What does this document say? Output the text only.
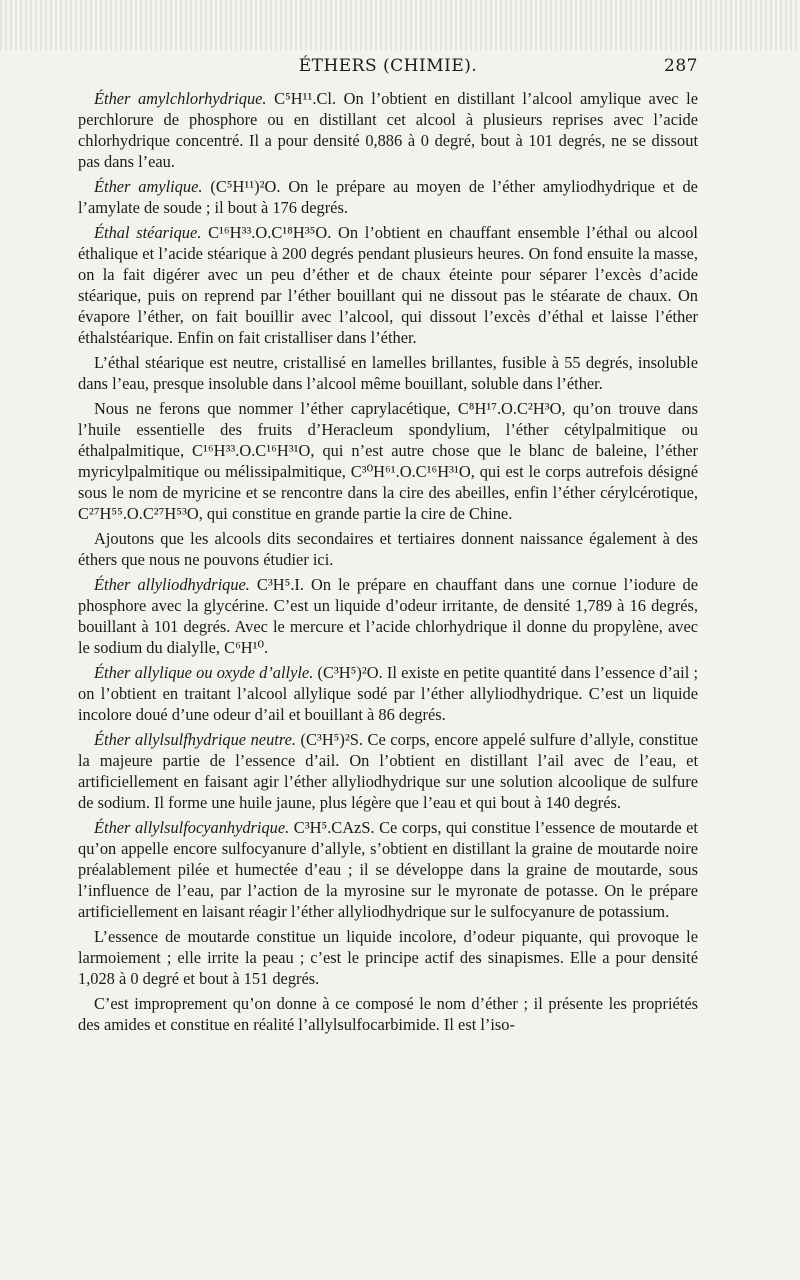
ÉTHERS (CHIMIE).	287

Éther amylchlorhydrique. C⁵H¹¹.Cl. On l’obtient en distillant l’alcool amylique avec le perchlorure de phosphore ou en distillant cet alcool à plusieurs reprises avec l’acide chlorhydrique concentré. Il a pour densité 0,886 à 0 degré, bout à 101 degrés, ne se dissout pas dans l’eau.

Éther amylique. (C⁵H¹¹)²O. On le prépare au moyen de l’éther amyliodhydrique et de l’amylate de soude ; il bout à 176 degrés.

Éthal stéarique. C¹⁶H³³.O.C¹⁸H³⁵O. On l’obtient en chauffant ensemble l’éthal ou alcool éthalique et l’acide stéarique à 200 degrés pendant plusieurs heures. On fond ensuite la masse, on la fait digérer avec un peu d’éther et de chaux éteinte pour séparer l’excès d’acide stéarique, puis on reprend par l’éther bouillant qui ne dissout pas le stéarate de chaux. On évapore l’éther, on fait bouillir avec l’alcool, qui dissout l’excès d’éthal et laisse l’éther éthalstéarique. Enfin on fait cristalliser dans l’éther.

L’éthal stéarique est neutre, cristallisé en lamelles brillantes, fusible à 55 degrés, insoluble dans l’eau, presque insoluble dans l’alcool même bouillant, soluble dans l’éther.

Nous ne ferons que nommer l’éther caprylacétique, C⁸H¹⁷.O.C²H³O, qu’on trouve dans l’huile essentielle des fruits d’Heracleum spondylium, l’éther cétylpalmitique ou éthalpalmitique, C¹⁶H³³.O.C¹⁶H³¹O, qui n’est autre chose que le blanc de baleine, l’éther myricylpalmitique ou mélissipalmitique, C³⁰H⁶¹.O.C¹⁶H³¹O, qui est le corps autrefois désigné sous le nom de myricine et se rencontre dans la cire des abeilles, enfin l’éther cérylcérotique, C²⁷H⁵⁵.O.C²⁷H⁵³O, qui constitue en grande partie la cire de Chine.

Ajoutons que les alcools dits secondaires et tertiaires donnent naissance également à des éthers que nous ne pouvons étudier ici.

Éther allyliodhydrique. C³H⁵.I. On le prépare en chauffant dans une cornue l’iodure de phosphore avec la glycérine. C’est un liquide d’odeur irritante, de densité 1,789 à 16 degrés, bouillant à 101 degrés. Avec le mercure et l’acide chlorhydrique il donne du propylène, avec le sodium du dialylle, C⁶H¹⁰.

Éther allylique ou oxyde d’allyle. (C³H⁵)²O. Il existe en petite quantité dans l’essence d’ail ; on l’obtient en traitant l’alcool allylique sodé par l’éther allyliodhydrique. C’est un liquide incolore doué d’une odeur d’ail et bouillant à 86 degrés.

Éther allylsulfhydrique neutre. (C³H⁵)²S. Ce corps, encore appelé sulfure d’allyle, constitue la majeure partie de l’essence d’ail. On l’obtient en distillant l’ail avec de l’eau, et artificiellement en faisant agir l’éther allyliodhydrique sur une solution alcoolique de sulfure de sodium. Il forme une huile jaune, plus légère que l’eau et qui bout à 140 degrés.

Éther allylsulfocyanhydrique. C³H⁵.CAzS. Ce corps, qui constitue l’essence de moutarde et qu’on appelle encore sulfocyanure d’allyle, s’obtient en distillant la graine de moutarde noire préalablement pilée et humectée d’eau ; il se développe dans la graine de moutarde, sous l’influence de l’eau, par l’action de la myrosine sur le myronate de potasse. On le prépare artificiellement en laisant réagir l’éther allyliodhydrique sur le sulfocyanure de potassium.

L’essence de moutarde constitue un liquide incolore, d’odeur piquante, qui provoque le larmoiement ; elle irrite la peau ; c’est le principe actif des sinapismes. Elle a pour densité 1,028 à 0 degré et bout à 151 degrés.

C’est improprement qu’on donne à ce composé le nom d’éther ; il présente les propriétés des amides et constitue en réalité l’allylsulfocarbimide. Il est l’iso-
